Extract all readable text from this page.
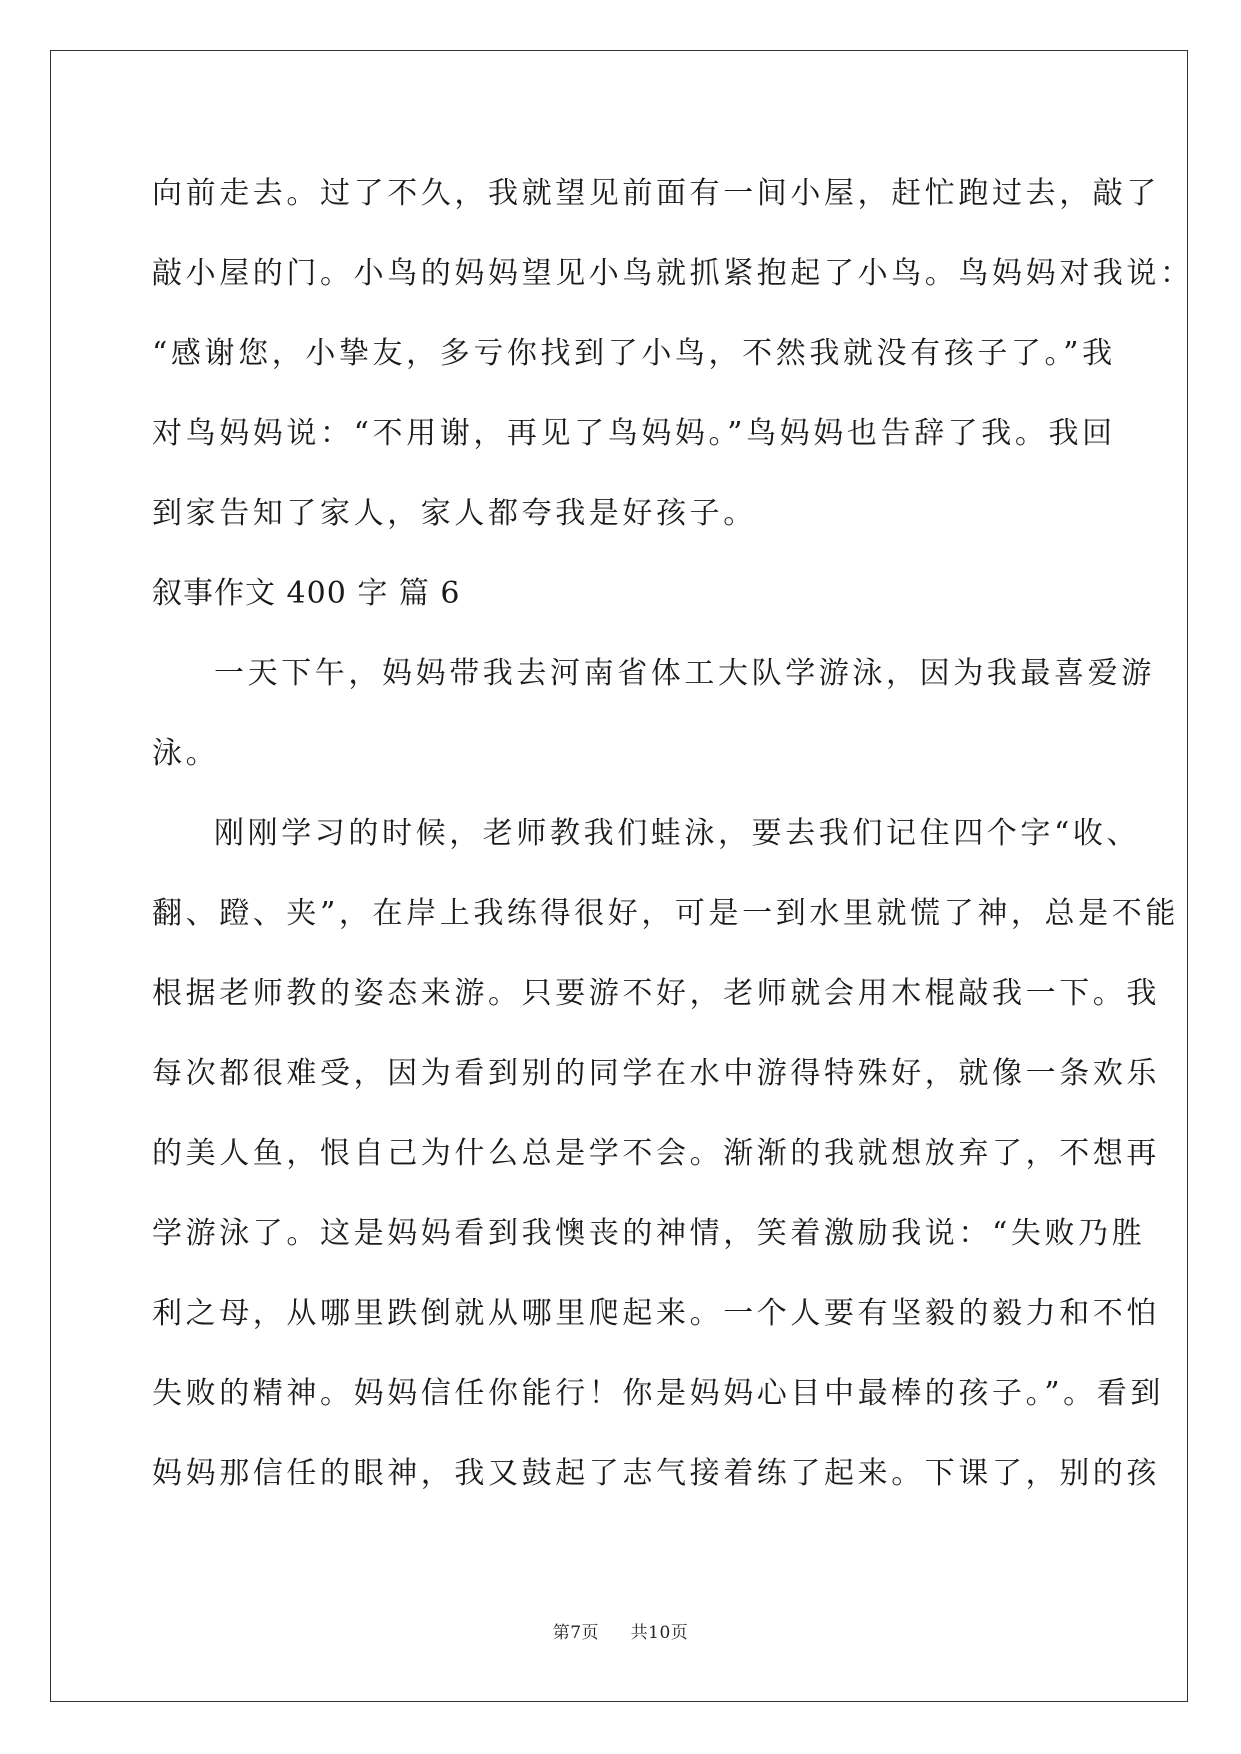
向前走去。过了不久，我就望见前面有一间小屋，赶忙跑过去，敲了
敲小屋的门。小鸟的妈妈望见小鸟就抓紧抱起了小鸟。鸟妈妈对我说：
“感谢您，小挚友，多亏你找到了小鸟，不然我就没有孩子了。”我
对鸟妈妈说：“不用谢，再见了鸟妈妈。”鸟妈妈也告辞了我。我回
到家告知了家人，家人都夸我是好孩子。
叙事作文 400 字 篇 6
一天下午，妈妈带我去河南省体工大队学游泳，因为我最喜爱游
泳。
刚刚学习的时候，老师教我们蛙泳，要去我们记住四个字“收、
翻、蹬、夹”，在岸上我练得很好，可是一到水里就慌了神，总是不能
根据老师教的姿态来游。只要游不好，老师就会用木棍敲我一下。我
每次都很难受，因为看到别的同学在水中游得特殊好，就像一条欢乐
的美人鱼，恨自己为什么总是学不会。渐渐的我就想放弃了，不想再
学游泳了。这是妈妈看到我懊丧的神情，笑着激励我说：“失败乃胜
利之母，从哪里跌倒就从哪里爬起来。一个人要有坚毅的毅力和不怕
失败的精神。妈妈信任你能行！你是妈妈心目中最棒的孩子。”。看到
妈妈那信任的眼神，我又鼓起了志气接着练了起来。下课了，别的孩
第7页 共10页
